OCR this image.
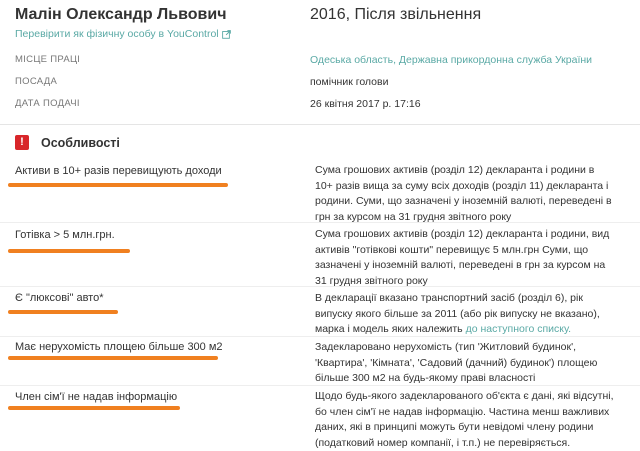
Малін Олександр Львович	2016, Після звільнення
Перевірити як фізичну особу в YouControl
МІСЦЕ ПРАЦІ	Одеська область, Державна прикордонна служба України
ПОСАДА	помічник голови
ДАТА ПОДАЧІ	26 квітня 2017 р. 17:16
!	Особливості
Активи в 10+ разів перевищують доходи	Сума грошових активів (розділ 12) декларанта і родини в 10+ разів вища за суму всіх доходів (розділ 11) декларанта і родини. Суми, що зазначені у іноземній валюті, переведені в грн за курсом на 31 грудня звітного року
Готівка > 5 млн.грн.	Сума грошових активів (розділ 12) декларанта і родини, вид активів "готівкові кошти" перевищує 5 млн.грн Суми, що зазначені у іноземній валюті, переведені в грн за курсом на 31 грудня звітного року
Є "люксові" авто*	В декларації вказано транспортний засіб (розділ 6), рік випуску якого більше за 2011 (або рік випуску не вказано), марка і модель яких належить до наступного списку.
Має нерухомість площею більше 300 м2	Задекларовано нерухомість (тип 'Житловий будинок', 'Квартира', 'Кімната', 'Садовий (дачний) будинок') площею більше 300 м2 на будь-якому праві власності
Член сім'ї не надав інформацію	Щодо будь-якого задекларованого об'єкта є дані, які відсутні, бо член сім'ї не надав інформацію. Частина менш важливих даних, які в принципі можуть бути невідомі члену родини (податковий номер компанії, і т.п.) не перевіряється.
